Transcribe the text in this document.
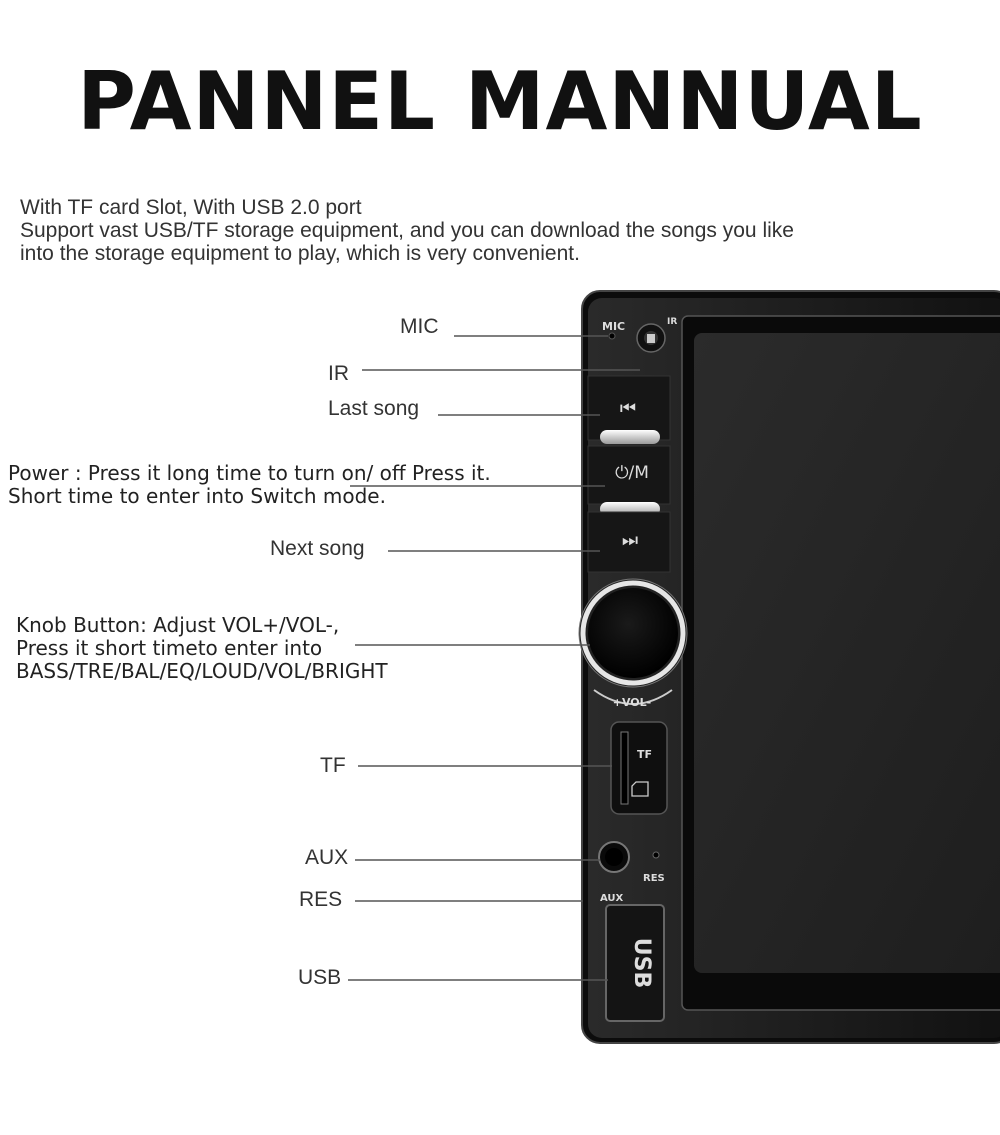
PANNEL MANNUAL
With TF card Slot, With USB 2.0 port
Support vast USB/TF storage equipment, and you can download the songs you like
into the storage equipment to play, which is very convenient.
MIC	IR
⏮
⏻/M
⏭
+VOL-
TF
RES
AUX
USB
MIC
IR
Last song
Power : Press it long time to turn on/ off Press it.
Short time to enter into Switch mode.
Next song
Knob Button: Adjust VOL+/VOL-,
Press it short timeto enter into
BASS/TRE/BAL/EQ/LOUD/VOL/BRIGHT
TF
AUX
RES
USB
